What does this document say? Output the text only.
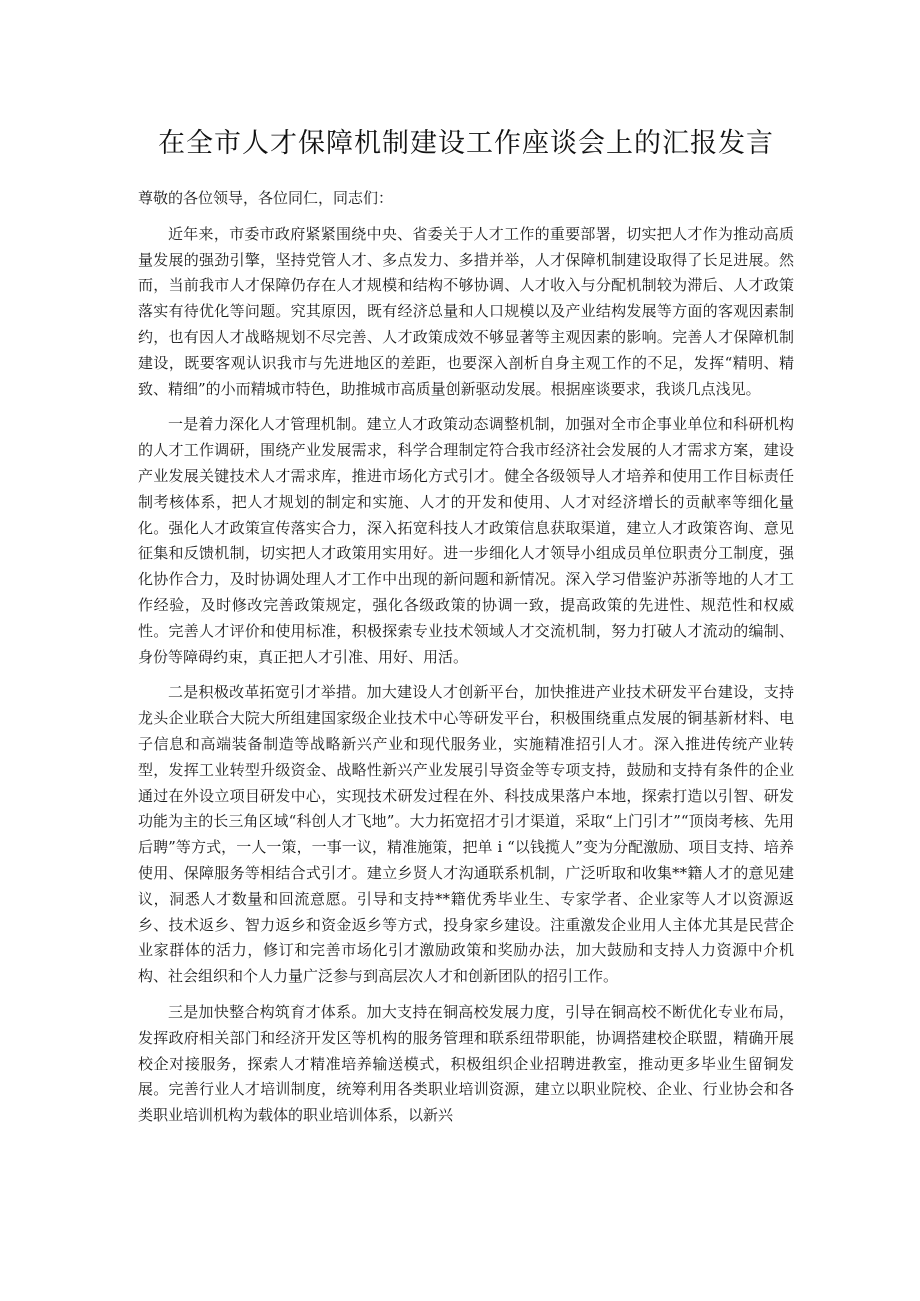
在全市人才保障机制建设工作座谈会上的汇报发言

尊敬的各位领导，各位同仁，同志们：

近年来，市委市政府紧紧围绕中央、省委关于人才工作的重要部署，切实把人才作为推动高质量发展的强劲引擎，坚持党管人才、多点发力、多措并举，人才保障机制建设取得了长足进展。然而，当前我市人才保障仍存在人才规模和结构不够协调、人才收入与分配机制较为滞后、人才政策落实有待优化等问题。究其原因，既有经济总量和人口规模以及产业结构发展等方面的客观因素制约，也有因人才战略规划不尽完善、人才政策成效不够显著等主观因素的影响。完善人才保障机制建设，既要客观认识我市与先进地区的差距，也要深入剖析自身主观工作的不足，发挥“精明、精致、精细”的小而精城市特色，助推城市高质量创新驱动发展。根据座谈要求，我谈几点浅见。

一是着力深化人才管理机制。建立人才政策动态调整机制，加强对全市企事业单位和科研机构的人才工作调研，围绕产业发展需求，科学合理制定符合我市经济社会发展的人才需求方案，建设产业发展关键技术人才需求库，推进市场化方式引才。健全各级领导人才培养和使用工作目标责任制考核体系，把人才规划的制定和实施、人才的开发和使用、人才对经济增长的贡献率等细化量化。强化人才政策宣传落实合力，深入拓宽科技人才政策信息获取渠道，建立人才政策咨询、意见征集和反馈机制，切实把人才政策用实用好。进一步细化人才领导小组成员单位职责分工制度，强化协作合力，及时协调处理人才工作中出现的新问题和新情况。深入学习借鉴沪苏浙等地的人才工作经验，及时修改完善政策规定，强化各级政策的协调一致，提高政策的先进性、规范性和权威性。完善人才评价和使用标准，积极探索专业技术领域人才交流机制，努力打破人才流动的编制、身份等障碍约束，真正把人才引准、用好、用活。

二是积极改革拓宽引才举措。加大建设人才创新平台，加快推进产业技术研发平台建设，支持龙头企业联合大院大所组建国家级企业技术中心等研发平台，积极围绕重点发展的铜基新材料、电子信息和高端装备制造等战略新兴产业和现代服务业，实施精准招引人才。深入推进传统产业转型，发挥工业转型升级资金、战略性新兴产业发展引导资金等专项支持，鼓励和支持有条件的企业通过在外设立项目研发中心，实现技术研发过程在外、科技成果落户本地，探索打造以引智、研发功能为主的长三角区域“科创人才飞地”。大力拓宽招才引才渠道，采取“上门引才”“顶岗考核、先用后聘”等方式，一人一策，一事一议，精准施策，把单 i “以钱揽人”变为分配激励、项目支持、培养使用、保障服务等相结合式引才。建立乡贤人才沟通联系机制，广泛听取和收集**籍人才的意见建议，洞悉人才数量和回流意愿。引导和支持**籍优秀毕业生、专家学者、企业家等人才以资源返乡、技术返乡、智力返乡和资金返乡等方式，投身家乡建设。注重激发企业用人主体尤其是民营企业家群体的活力，修订和完善市场化引才激励政策和奖励办法，加大鼓励和支持人力资源中介机构、社会组织和个人力量广泛参与到高层次人才和创新团队的招引工作。

三是加快整合构筑育才体系。加大支持在铜高校发展力度，引导在铜高校不断优化专业布局，发挥政府相关部门和经济开发区等机构的服务管理和联系纽带职能，协调搭建校企联盟，精确开展校企对接服务，探索人才精准培养输送模式，积极组织企业招聘进教室，推动更多毕业生留铜发展。完善行业人才培训制度，统筹利用各类职业培训资源，建立以职业院校、企业、行业协会和各类职业培训机构为载体的职业培训体系，以新兴
